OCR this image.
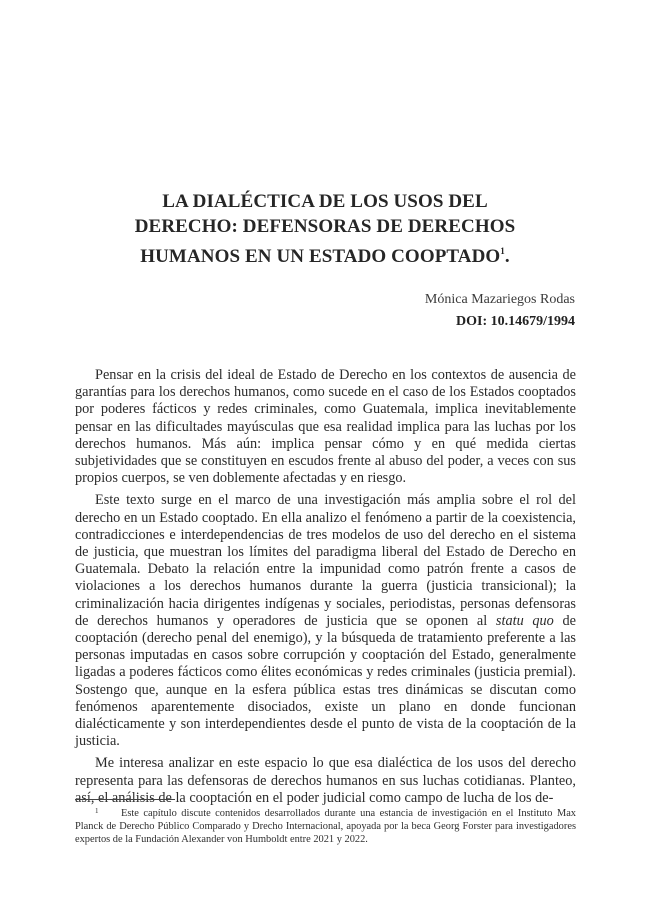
LA DIALÉCTICA DE LOS USOS DEL
DERECHO: DEFENSORAS DE DERECHOS
HUMANOS EN UN ESTADO COOPTADO$^1$.
Mónica Mazariegos Rodas
DOI: 10.14679/1994

Pensar en la crisis del ideal de Estado de Derecho en los contextos de ausencia de garantías para los derechos humanos, como sucede en el caso de los Estados cooptados por poderes fácticos y redes criminales, como Guatemala, implica inevitablemente pensar en las dificultades mayúsculas que esa realidad implica para las luchas por los derechos humanos. Más aún: implica pensar cómo y en qué medida ciertas subjetividades que se constituyen en escudos frente al abuso del poder, a veces con sus propios cuerpos, se ven doblemente afectadas y en riesgo.

Este texto surge en el marco de una investigación más amplia sobre el rol del derecho en un Estado cooptado. En ella analizo el fenómeno a partir de la coexistencia, contradicciones e interdependencias de tres modelos de uso del derecho en el sistema de justicia, que muestran los límites del paradigma liberal del Estado de Derecho en Guatemala. Debato la relación entre la impunidad como patrón frente a casos de violaciones a los derechos humanos durante la guerra (justicia transicional); la criminalización hacia dirigentes indígenas y sociales, periodistas, personas defensoras de derechos humanos y operadores de justicia que se oponen al statu quo de cooptación (derecho penal del enemigo), y la búsqueda de tratamiento preferente a las personas imputadas en casos sobre corrupción y cooptación del Estado, generalmente ligadas a poderes fácticos como élites económicas y redes criminales (justicia premial). Sostengo que, aunque en la esfera pública estas tres dinámicas se discutan como fenómenos aparentemente disociados, existe un plano en donde funcionan dialécticamente y son interdependientes desde el punto de vista de la cooptación de la justicia.

Me interesa analizar en este espacio lo que esa dialéctica de los usos del derecho representa para las defensoras de derechos humanos en sus luchas cotidianas. Planteo, así, el análisis de la cooptación en el poder judicial como campo de lucha de los de-

1 Este capítulo discute contenidos desarrollados durante una estancia de investigación en el Instituto Max Planck de Derecho Público Comparado y Drecho Internacional, apoyada por la beca Georg Forster para investigadores expertos de la Fundación Alexander von Humboldt entre 2021 y 2022.
